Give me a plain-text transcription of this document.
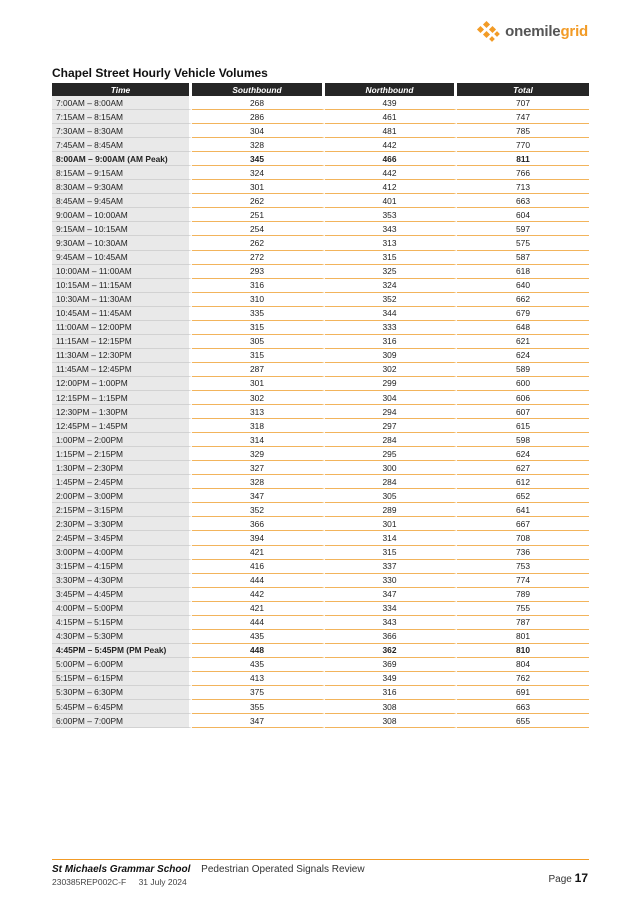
onemilegrid
Chapel Street Hourly Vehicle Volumes
Time	Southbound	Northbound	Total
7:00AM – 8:00AM	268	439	707
7:15AM – 8:15AM	286	461	747
7:30AM – 8:30AM	304	481	785
7:45AM – 8:45AM	328	442	770
8:00AM – 9:00AM (AM Peak)	345	466	811
8:15AM – 9:15AM	324	442	766
8:30AM – 9:30AM	301	412	713
8:45AM – 9:45AM	262	401	663
9:00AM – 10:00AM	251	353	604
9:15AM – 10:15AM	254	343	597
9:30AM – 10:30AM	262	313	575
9:45AM – 10:45AM	272	315	587
10:00AM – 11:00AM	293	325	618
10:15AM – 11:15AM	316	324	640
10:30AM – 11:30AM	310	352	662
10:45AM – 11:45AM	335	344	679
11:00AM – 12:00PM	315	333	648
11:15AM – 12:15PM	305	316	621
11:30AM – 12:30PM	315	309	624
11:45AM – 12:45PM	287	302	589
12:00PM – 1:00PM	301	299	600
12:15PM – 1:15PM	302	304	606
12:30PM – 1:30PM	313	294	607
12:45PM – 1:45PM	318	297	615
1:00PM – 2:00PM	314	284	598
1:15PM – 2:15PM	329	295	624
1:30PM – 2:30PM	327	300	627
1:45PM – 2:45PM	328	284	612
2:00PM – 3:00PM	347	305	652
2:15PM – 3:15PM	352	289	641
2:30PM – 3:30PM	366	301	667
2:45PM – 3:45PM	394	314	708
3:00PM – 4:00PM	421	315	736
3:15PM – 4:15PM	416	337	753
3:30PM – 4:30PM	444	330	774
3:45PM – 4:45PM	442	347	789
4:00PM – 5:00PM	421	334	755
4:15PM – 5:15PM	444	343	787
4:30PM – 5:30PM	435	366	801
4:45PM – 5:45PM (PM Peak)	448	362	810
5:00PM – 6:00PM	435	369	804
5:15PM – 6:15PM	413	349	762
5:30PM – 6:30PM	375	316	691
5:45PM – 6:45PM	355	308	663
6:00PM – 7:00PM	347	308	655
St Michaels Grammar School Pedestrian Operated Signals Review
230385REP002C-F 31 July 2024	Page 17
